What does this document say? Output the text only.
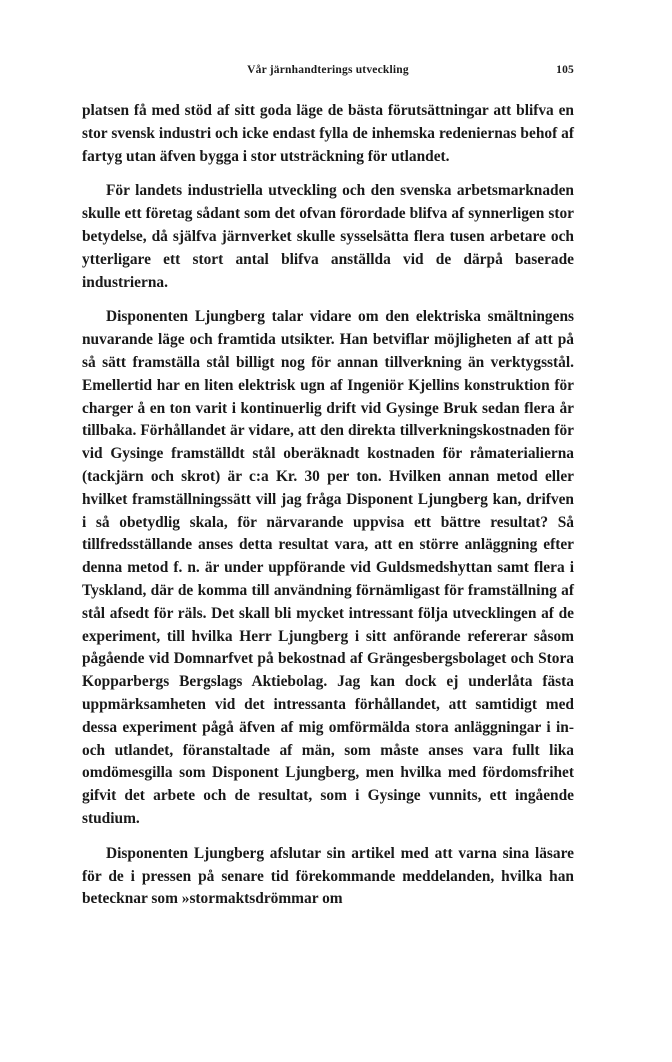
Vår järnhandterings utveckling	105

platsen få med stöd af sitt goda läge de bästa förutsättningar att blifva en stor svensk industri och icke endast fylla de inhemska redeniernas behof af fartyg utan äfven bygga i stor utsträckning för utlandet.

För landets industriella utveckling och den svenska arbetsmarknaden skulle ett företag sådant som det ofvan förordade blifva af synnerligen stor betydelse, då själfva järnverket skulle sysselsätta flera tusen arbetare och ytterligare ett stort antal blifva anställda vid de därpå baserade industrierna.

Disponenten Ljungberg talar vidare om den elektriska smältningens nuvarande läge och framtida utsikter. Han betviflar möjligheten af att på så sätt framställa stål billigt nog för annan tillverkning än verktygsstål. Emellertid har en liten elektrisk ugn af Ingeniör Kjellins konstruktion för charger å en ton varit i kontinuerlig drift vid Gysinge Bruk sedan flera år tillbaka. Förhållandet är vidare, att den direkta tillverkningskostnaden för vid Gysinge framställdt stål oberäknadt kostnaden för råmaterialierna (tackjärn och skrot) är c:a Kr. 30 per ton. Hvilken annan metod eller hvilket framställningssätt vill jag fråga Disponent Ljungberg kan, drifven i så obetydlig skala, för närvarande uppvisa ett bättre resultat? Så tillfredsställande anses detta resultat vara, att en större anläggning efter denna metod f. n. är under uppförande vid Guldsmedshyttan samt flera i Tyskland, där de komma till användning förnämligast för framställning af stål afsedt för räls. Det skall bli mycket intressant följa utvecklingen af de experiment, till hvilka Herr Ljungberg i sitt anförande refererar såsom pågående vid Domnarfvet på bekostnad af Grängesbergsbolaget och Stora Kopparbergs Bergslags Aktiebolag. Jag kan dock ej underlåta fästa uppmärksamheten vid det intressanta förhållandet, att samtidigt med dessa experiment pågå äfven af mig omförmälda stora anläggningar i in- och utlandet, föranstaltade af män, som måste anses vara fullt lika omdömesgilla som Disponent Ljungberg, men hvilka med fördomsfrihet gifvit det arbete och de resultat, som i Gysinge vunnits, ett ingående studium.

Disponenten Ljungberg afslutar sin artikel med att varna sina läsare för de i pressen på senare tid förekommande meddelanden, hvilka han betecknar som »stormaktsdrömmar om
